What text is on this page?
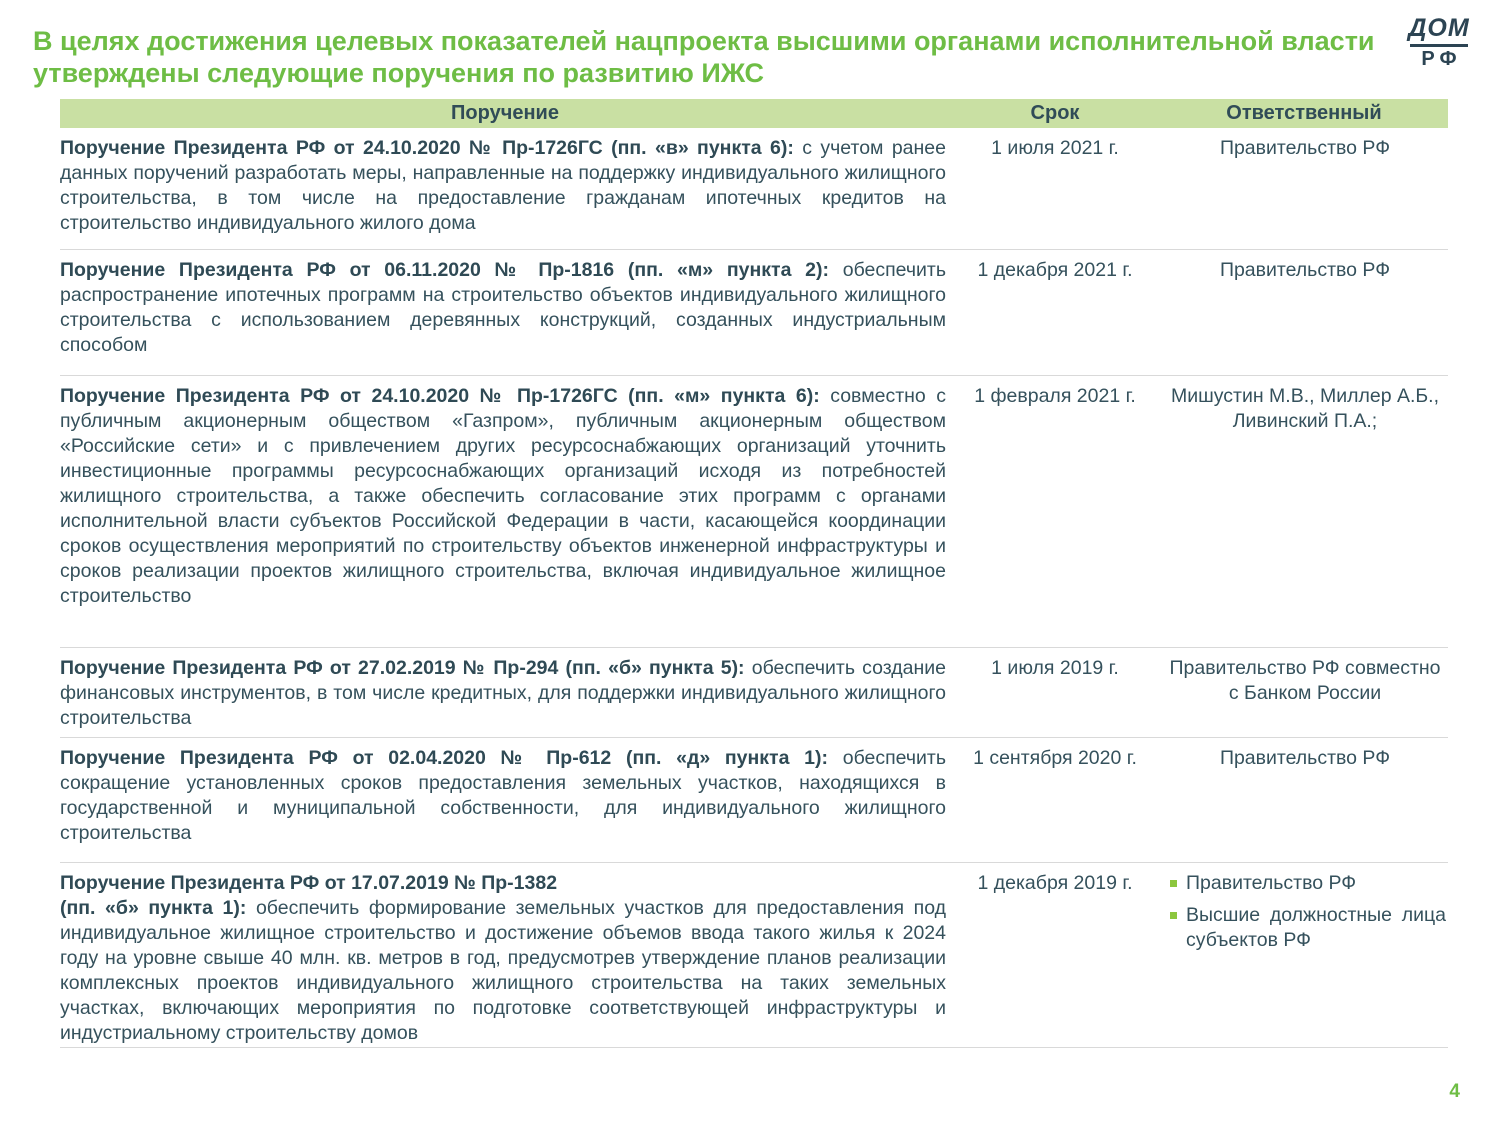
В целях достижения целевых показателей нацпроекта высшими органами исполнительной власти утверждены следующие поручения по развитию ИЖС
ДОМ
РФ
Поручение	Срок	Ответственный

Поручение Президента РФ от 24.10.2020 № Пр-1726ГС (пп. «в» пункта 6): с учетом ранее данных поручений разработать меры, направленные на поддержку индивидуального жилищного строительства, в том числе на предоставление гражданам ипотечных кредитов на строительство индивидуального жилого дома

1 июля 2021 г.	Правительство РФ

Поручение Президента РФ от 06.11.2020 № Пр-1816 (пп. «м» пункта 2): обеспечить распространение ипотечных программ на строительство объектов индивидуального жилищного строительства с использованием деревянных конструкций, созданных индустриальным способом

1 декабря 2021 г.	Правительство РФ

Поручение Президента РФ от 24.10.2020 № Пр-1726ГС (пп. «м» пункта 6): совместно с публичным акционерным обществом «Газпром», публичным акционерным обществом «Российские сети» и с привлечением других ресурсоснабжающих организаций уточнить инвестиционные программы ресурсоснабжающих организаций исходя из потребностей жилищного строительства, а также обеспечить согласование этих программ с органами исполнительной власти субъектов Российской Федерации в части, касающейся координации сроков осуществления мероприятий по строительству объектов инженерной инфраструктуры и сроков реализации проектов жилищного строительства, включая индивидуальное жилищное строительство

1 февраля 2021 г.	Мишустин М.В., Миллер А.Б., Ливинский П.А.;

Поручение Президента РФ от 27.02.2019 № Пр-294 (пп. «б» пункта 5): обеспечить создание финансовых инструментов, в том числе кредитных, для поддержки индивидуального жилищного строительства

1 июля 2019 г.	Правительство РФ совместно с Банком России

Поручение Президента РФ от 02.04.2020 № Пр-612 (пп. «д» пункта 1): обеспечить сокращение установленных сроков предоставления земельных участков, находящихся в государственной и муниципальной собственности, для индивидуального жилищного строительства

1 сентября 2020 г.	Правительство РФ

Поручение Президента РФ от 17.07.2019 № Пр-1382
(пп. «б» пункта 1): обеспечить формирование земельных участков для предоставления под индивидуальное жилищное строительство и достижение объемов ввода такого жилья к 2024 году на уровне свыше 40 млн. кв. метров в год, предусмотрев утверждение планов реализации комплексных проектов индивидуального жилищного строительства на таких земельных участках, включающих мероприятия по подготовке соответствующей инфраструктуры и индустриальному строительству домов

1 декабря 2019 г.	Правительство РФ
Высшие должностные лица субъектов РФ
4
